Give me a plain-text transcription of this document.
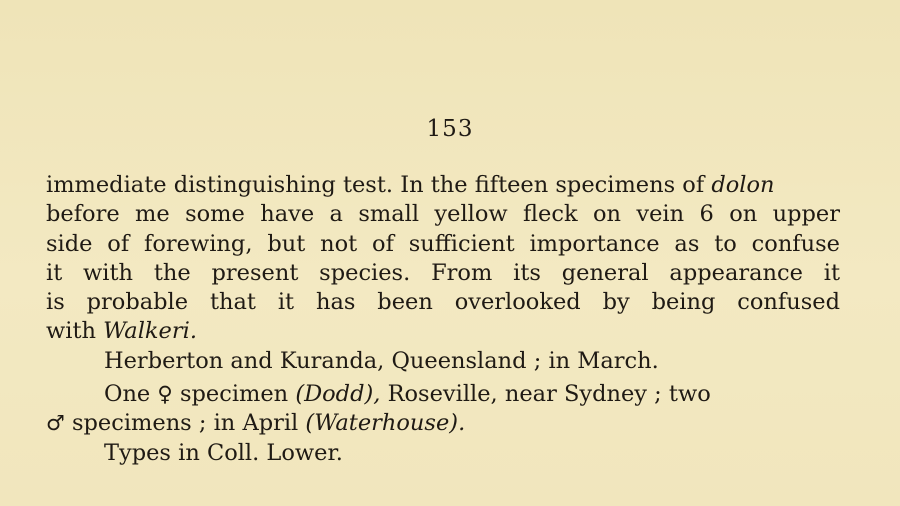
153
immediate distinguishing test. In the fifteen specimens of dolon
before me some have a small yellow fleck on vein 6 on upper
side of forewing, but not of sufficient importance as to confuse
it with the present species. From its general appearance it
is probable that it has been overlooked by being confused
with Walkeri.
Herberton and Kuranda, Queensland ; in March.
One ♀ specimen (Dodd), Roseville, near Sydney ; two
♂ specimens ; in April (Waterhouse).
Types in Coll. Lower.
